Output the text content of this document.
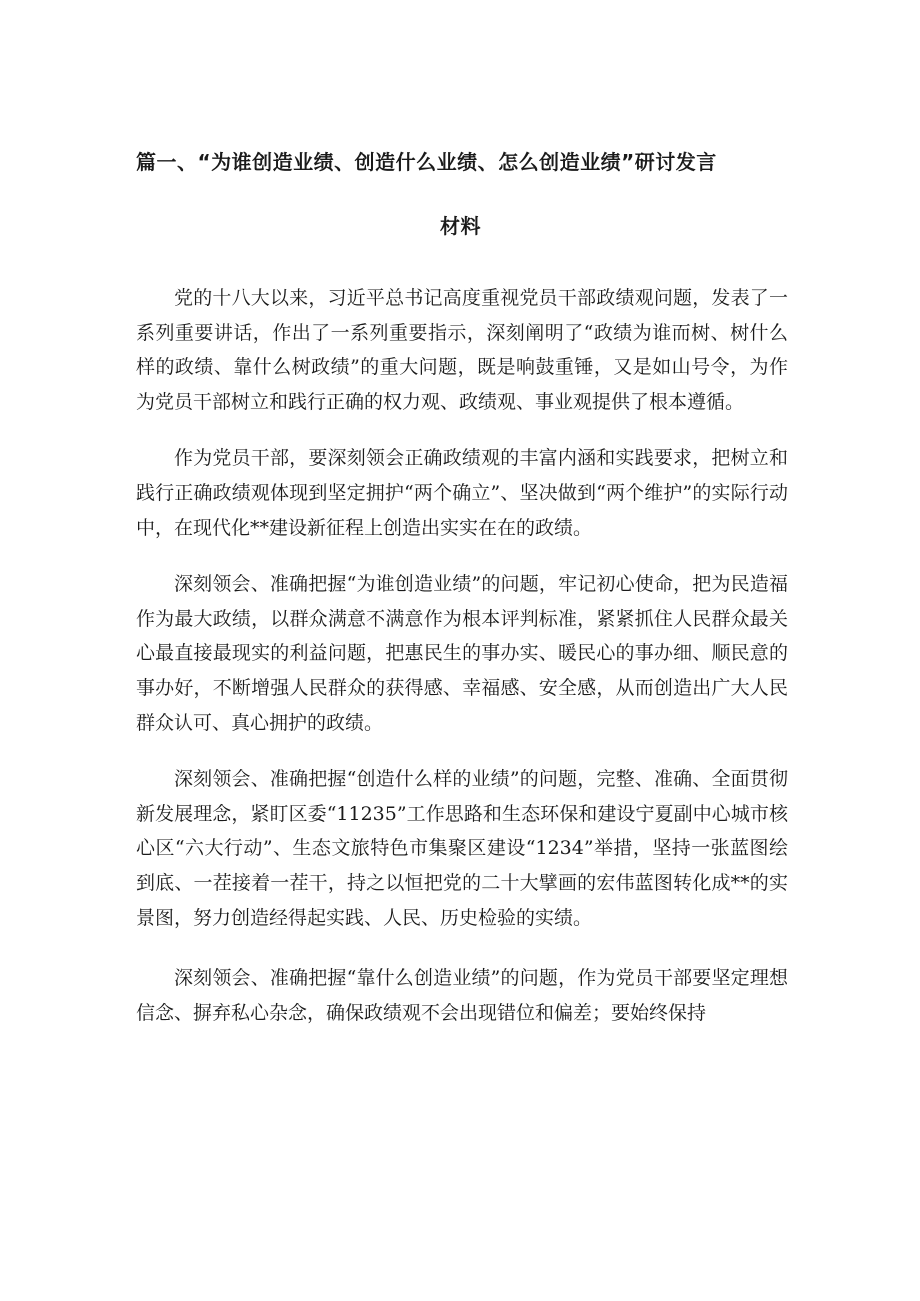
篇一、“为谁创造业绩、创造什么业绩、怎么创造业绩”研讨发言
材料

党的十八大以来，习近平总书记高度重视党员干部政绩观问题，发表了一系列重要讲话，作出了一系列重要指示，深刻阐明了“政绩为谁而树、树什么样的政绩、靠什么树政绩”的重大问题，既是响鼓重锤，又是如山号令，为作为党员干部树立和践行正确的权力观、政绩观、事业观提供了根本遵循。

作为党员干部，要深刻领会正确政绩观的丰富内涵和实践要求，把树立和践行正确政绩观体现到坚定拥护“两个确立”、坚决做到“两个维护”的实际行动中，在现代化**建设新征程上创造出实实在在的政绩。

深刻领会、准确把握“为谁创造业绩”的问题，牢记初心使命，把为民造福作为最大政绩，以群众满意不满意作为根本评判标准，紧紧抓住人民群众最关心最直接最现实的利益问题，把惠民生的事办实、暖民心的事办细、顺民意的事办好，不断增强人民群众的获得感、幸福感、安全感，从而创造出广大人民群众认可、真心拥护的政绩。

深刻领会、准确把握“创造什么样的业绩”的问题，完整、准确、全面贯彻新发展理念，紧盯区委“11235”工作思路和生态环保和建设宁夏副中心城市核心区“六大行动”、生态文旅特色市集聚区建设“1234”举措，坚持一张蓝图绘到底、一茬接着一茬干，持之以恒把党的二十大擘画的宏伟蓝图转化成**的实景图，努力创造经得起实践、人民、历史检验的实绩。

深刻领会、准确把握“靠什么创造业绩”的问题，作为党员干部要坚定理想信念、摒弃私心杂念，确保政绩观不会出现错位和偏差；要始终保持
